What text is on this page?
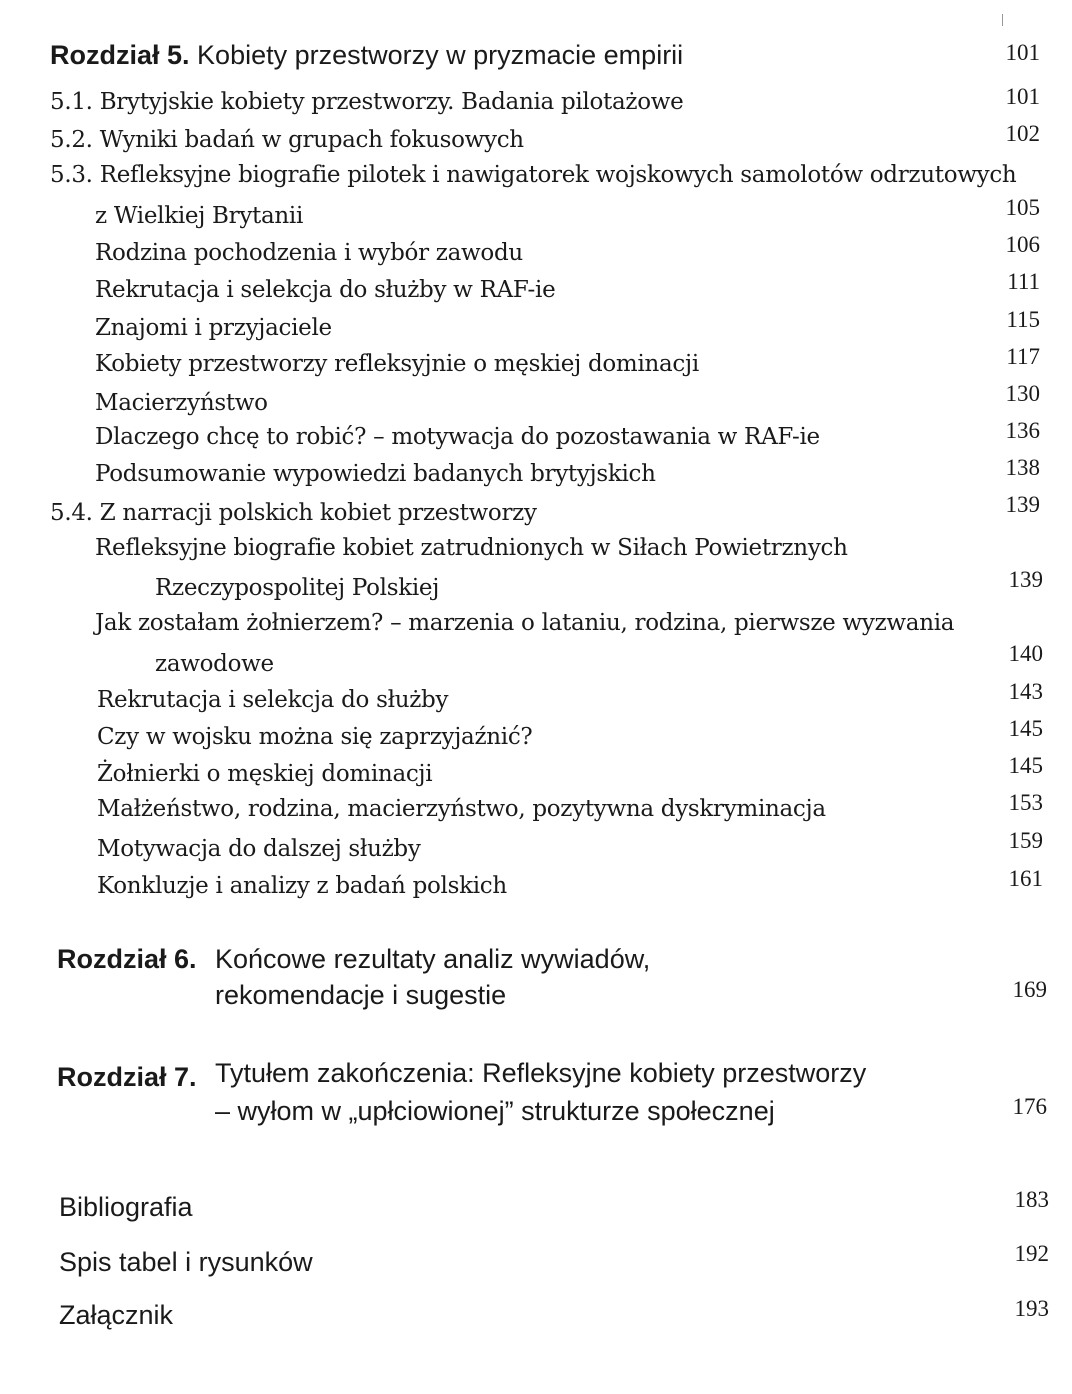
Rozdział 5. Kobiety przestworzy w pryzmacie empirii	101
5.1. Brytyjskie kobiety przestworzy. Badania pilotażowe	101
5.2. Wyniki badań w grupach fokusowych	102
5.3. Refleksyjne biografie pilotek i nawigatorek wojskowych samolotów odrzutowych
z Wielkiej Brytanii	105
Rodzina pochodzenia i wybór zawodu	106
Rekrutacja i selekcja do służby w RAF-ie	111
Znajomi i przyjaciele	115
Kobiety przestworzy refleksyjnie o męskiej dominacji	117
Macierzyństwo	130
Dlaczego chcę to robić? – motywacja do pozostawania w RAF-ie	136
Podsumowanie wypowiedzi badanych brytyjskich	138
5.4. Z narracji polskich kobiet przestworzy	139
Refleksyjne biografie kobiet zatrudnionych w Siłach Powietrznych
Rzeczypospolitej Polskiej	139
Jak zostałam żołnierzem? – marzenia o lataniu, rodzina, pierwsze wyzwania
zawodowe	140
Rekrutacja i selekcja do służby	143
Czy w wojsku można się zaprzyjaźnić?	145
Żołnierki o męskiej dominacji	145
Małżeństwo, rodzina, macierzyństwo, pozytywna dyskryminacja	153
Motywacja do dalszej służby	159
Konkluzje i analizy z badań polskich	161
Rozdział 6. Końcowe rezultaty analiz wywiadów,
rekomendacje i sugestie	169
Rozdział 7. Tytułem zakończenia: Refleksyjne kobiety przestworzy
– wyłom w „upłciowionej” strukturze społecznej	176
Bibliografia	183
Spis tabel i rysunków	192
Załącznik	193
